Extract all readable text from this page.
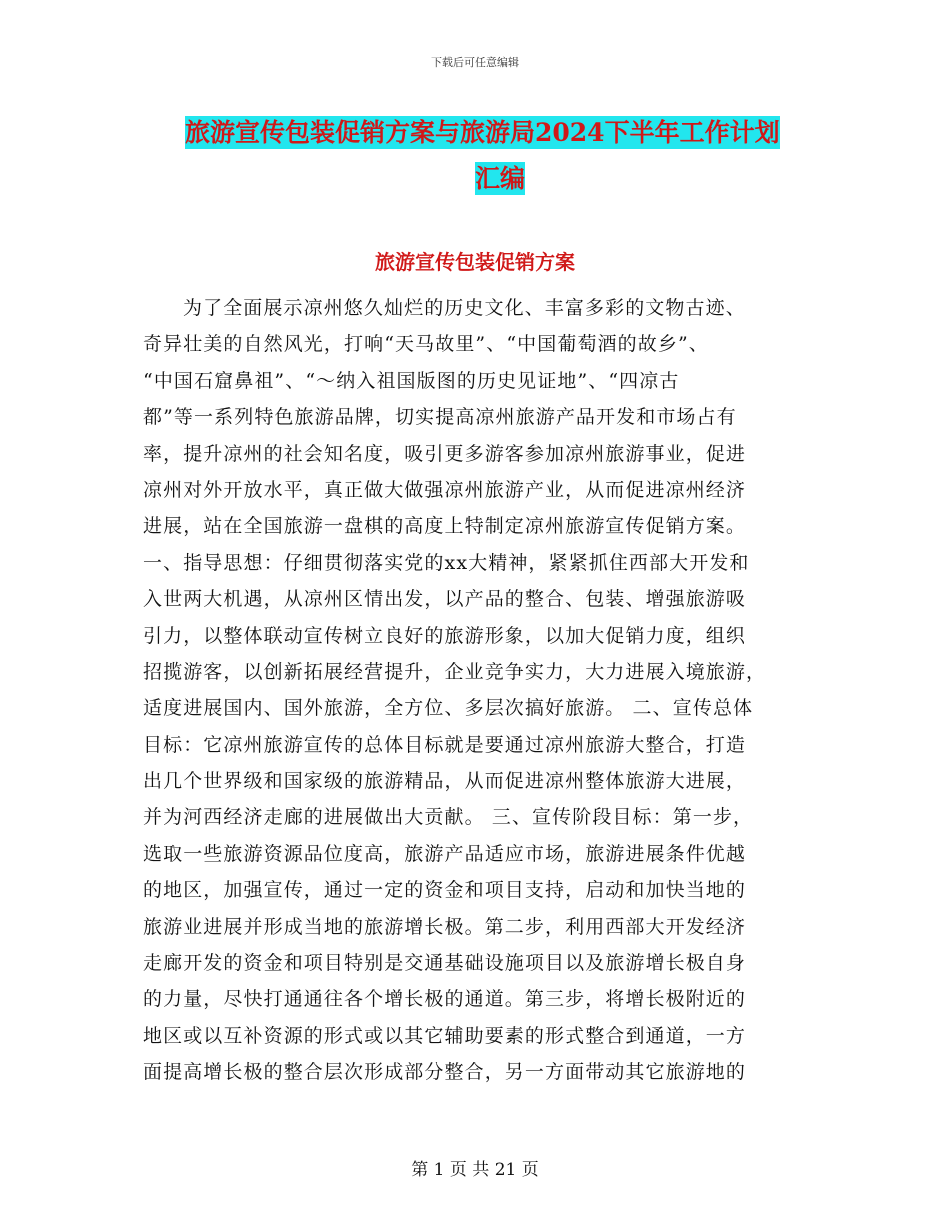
下载后可任意编辑
旅游宣传包装促销方案与旅游局2024下半年工作计划
汇编
旅游宣传包装促销方案
为了全面展示凉州悠久灿烂的历史文化、丰富多彩的文物古迹、
奇异壮美的自然风光，打响“天马故里”、“中国葡萄酒的故乡”、
“中国石窟鼻祖”、“～纳入祖国版图的历史见证地”、“四凉古
都”等一系列特色旅游品牌，切实提高凉州旅游产品开发和市场占有
率，提升凉州的社会知名度，吸引更多游客参加凉州旅游事业，促进
凉州对外开放水平，真正做大做强凉州旅游产业，从而促进凉州经济
进展，站在全国旅游一盘棋的高度上特制定凉州旅游宣传促销方案。
一、指导思想：仔细贯彻落实党的xx大精神，紧紧抓住西部大开发和
入世两大机遇，从凉州区情出发，以产品的整合、包装、增强旅游吸
引力，以整体联动宣传树立良好的旅游形象，以加大促销力度，组织
招揽游客，以创新拓展经营提升，企业竞争实力，大力进展入境旅游，
适度进展国内、国外旅游，全方位、多层次搞好旅游。 二、宣传总体
目标：它凉州旅游宣传的总体目标就是要通过凉州旅游大整合，打造
出几个世界级和国家级的旅游精品，从而促进凉州整体旅游大进展，
并为河西经济走廊的进展做出大贡献。 三、宣传阶段目标：第一步，
选取一些旅游资源品位度高，旅游产品适应市场，旅游进展条件优越
的地区，加强宣传，通过一定的资金和项目支持，启动和加快当地的
旅游业进展并形成当地的旅游增长极。第二步，利用西部大开发经济
走廊开发的资金和项目特别是交通基础设施项目以及旅游增长极自身
的力量，尽快打通通往各个增长极的通道。第三步，将增长极附近的
地区或以互补资源的形式或以其它辅助要素的形式整合到通道，一方
面提高增长极的整合层次形成部分整合，另一方面带动其它旅游地的
第 1 页 共 21 页
